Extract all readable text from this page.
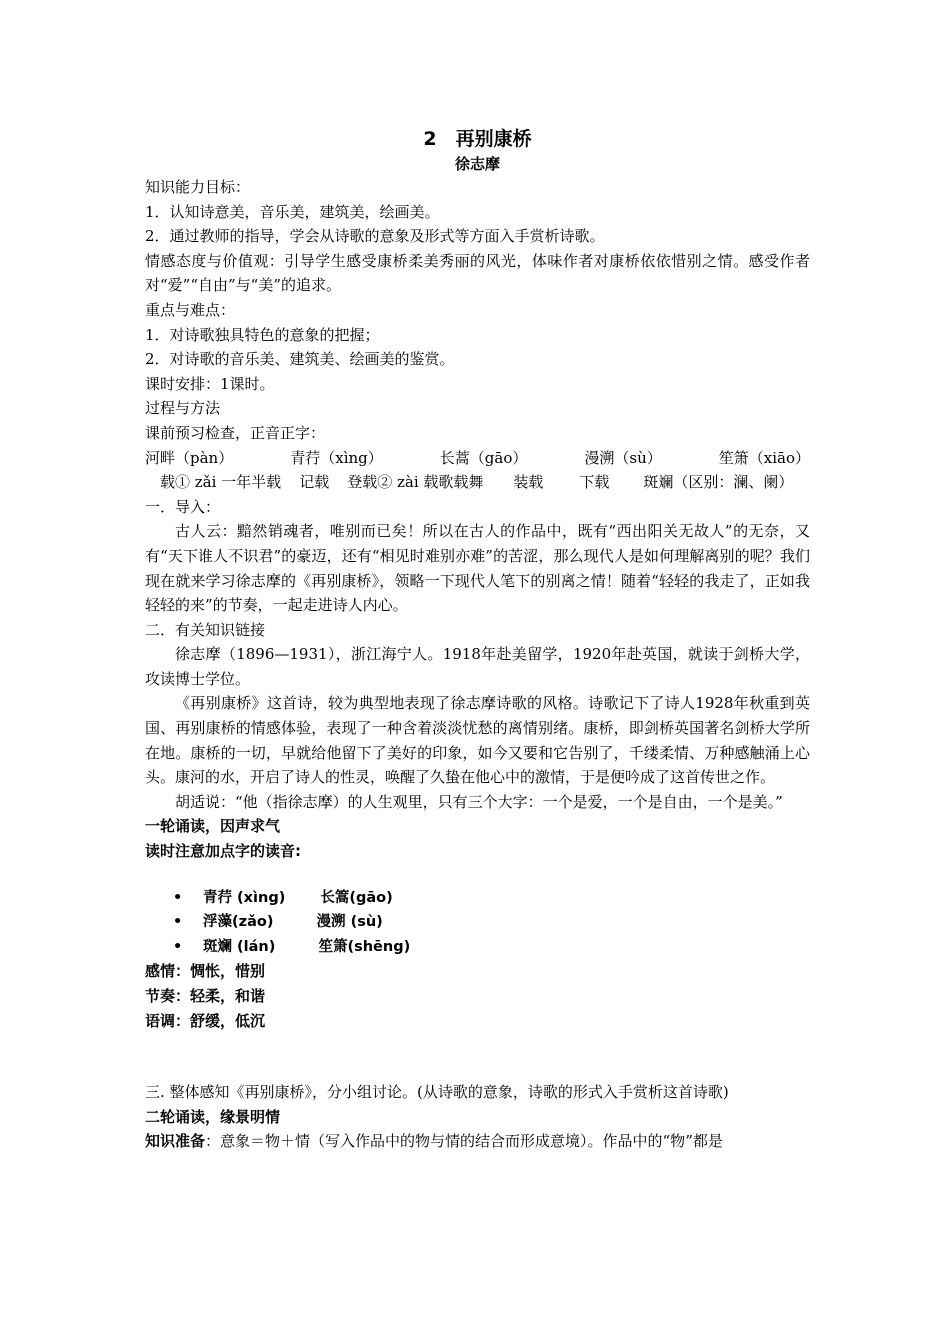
2　再别康桥
徐志摩
知识能力目标：
1．认知诗意美，音乐美，建筑美，绘画美。
2．通过教师的指导，学会从诗歌的意象及形式等方面入手赏析诗歌。
情感态度与价值观：引导学生感受康桥柔美秀丽的风光，体味作者对康桥依依惜别之情。感受作者对“爱”“自由”与“美”的追求。
重点与难点：
1．对诗歌独具特色的意象的把握；
2．对诗歌的音乐美、建筑美、绘画美的鉴赏。
课时安排：1课时。
过程与方法
课前预习检查，正音正字：
河畔（pàn）	青荇（xìng）	长蒿（gāo）	漫溯（sù）	笙箫（xiāo）
载① zǎi 一年半载 记载 登载② zài 载歌载舞 装载 下载 斑斓（区别：澜、阑）
一．导入：
古人云：黯然销魂者，唯别而已矣！所以在古人的作品中，既有“西出阳关无故人”的无奈，又有“天下谁人不识君”的豪迈，还有“相见时难别亦难”的苦涩，那么现代人是如何理解离别的呢？我们现在就来学习徐志摩的《再别康桥》，领略一下现代人笔下的别离之情！随着“轻轻的我走了，正如我轻轻的来”的节奏，一起走进诗人内心。
二．有关知识链接
徐志摩（1896—1931），浙江海宁人。1918年赴美留学，1920年赴英国，就读于剑桥大学，攻读博士学位。
《再别康桥》这首诗，较为典型地表现了徐志摩诗歌的风格。诗歌记下了诗人1928年秋重到英国、再别康桥的情感体验，表现了一种含着淡淡忧愁的离情别绪。康桥，即剑桥英国著名剑桥大学所在地。康桥的一切，早就给他留下了美好的印象，如今又要和它告别了，千缕柔情、万种感触涌上心头。康河的水，开启了诗人的性灵，唤醒了久蛰在他心中的激情，于是便吟成了这首传世之作。
胡适说：“他（指徐志摩）的人生观里，只有三个大字：一个是爱，一个是自由，一个是美。”
一轮诵读，因声求气
读时注意加点字的读音:
• 青荇 (xìng) 长篙(gāo)
• 浮藻(zǎo)	漫溯 (sù)
• 斑斓 (lán)	笙箫(shēng)
感情：惆怅，惜别
节奏：轻柔，和谐
语调：舒缓，低沉
三. 整体感知《再别康桥》，分小组讨论。(从诗歌的意象，诗歌的形式入手赏析这首诗歌)
二轮诵读，缘景明情
知识准备：意象＝物＋情（写入作品中的物与情的结合而形成意境）。作品中的“物”都是
